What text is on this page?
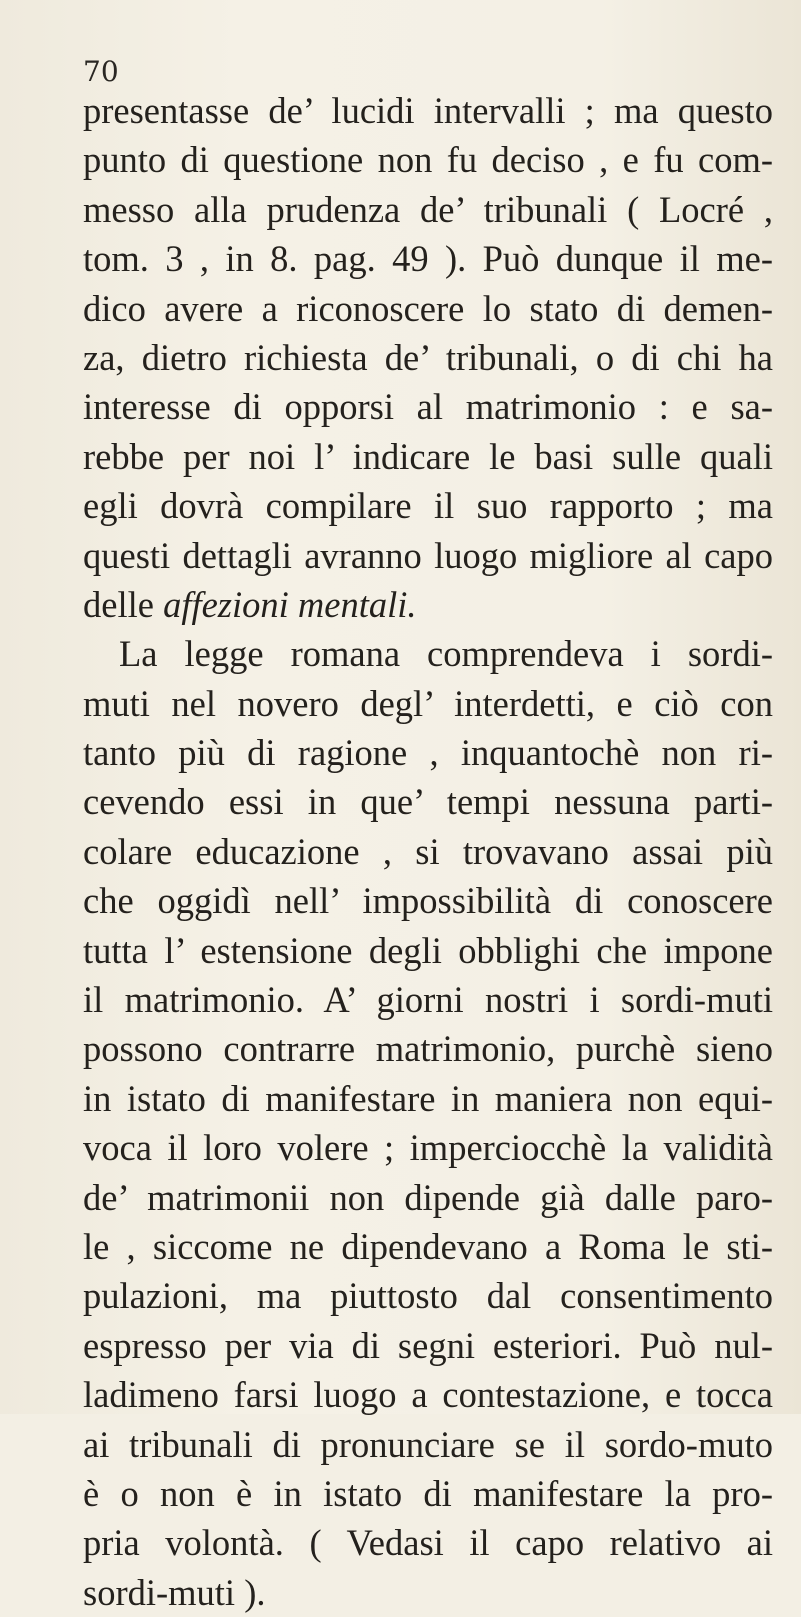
70
presentasse de’ lucidi intervalli ; ma questo
punto di questione non fu deciso , e fu com-
messo alla prudenza de’ tribunali ( Locré ,
tom. 3 , in 8. pag. 49 ). Può dunque il me-
dico avere a riconoscere lo stato di demen-
za, dietro richiesta de’ tribunali, o di chi ha
interesse di opporsi al matrimonio : e sa-
rebbe per noi l’ indicare le basi sulle quali
egli dovrà compilare il suo rapporto ; ma
questi dettagli avranno luogo migliore al capo
delle affezioni mentali.
La legge romana comprendeva i sordi-
muti nel novero degl’ interdetti, e ciò con
tanto più di ragione , inquantochè non ri-
cevendo essi in que’ tempi nessuna parti-
colare educazione , si trovavano assai più
che oggidì nell’ impossibilità di conoscere
tutta l’ estensione degli obblighi che impone
il matrimonio. A’ giorni nostri i sordi-muti
possono contrarre matrimonio, purchè sieno
in istato di manifestare in maniera non equi-
voca il loro volere ; imperciocchè la validità
de’ matrimonii non dipende già dalle paro-
le , siccome ne dipendevano a Roma le sti-
pulazioni, ma piuttosto dal consentimento
espresso per via di segni esteriori. Può nul-
ladimeno farsi luogo a contestazione, e tocca
ai tribunali di pronunciare se il sordo-muto
è o non è in istato di manifestare la pro-
pria volontà. ( Vedasi il capo relativo ai
sordi-muti ).
